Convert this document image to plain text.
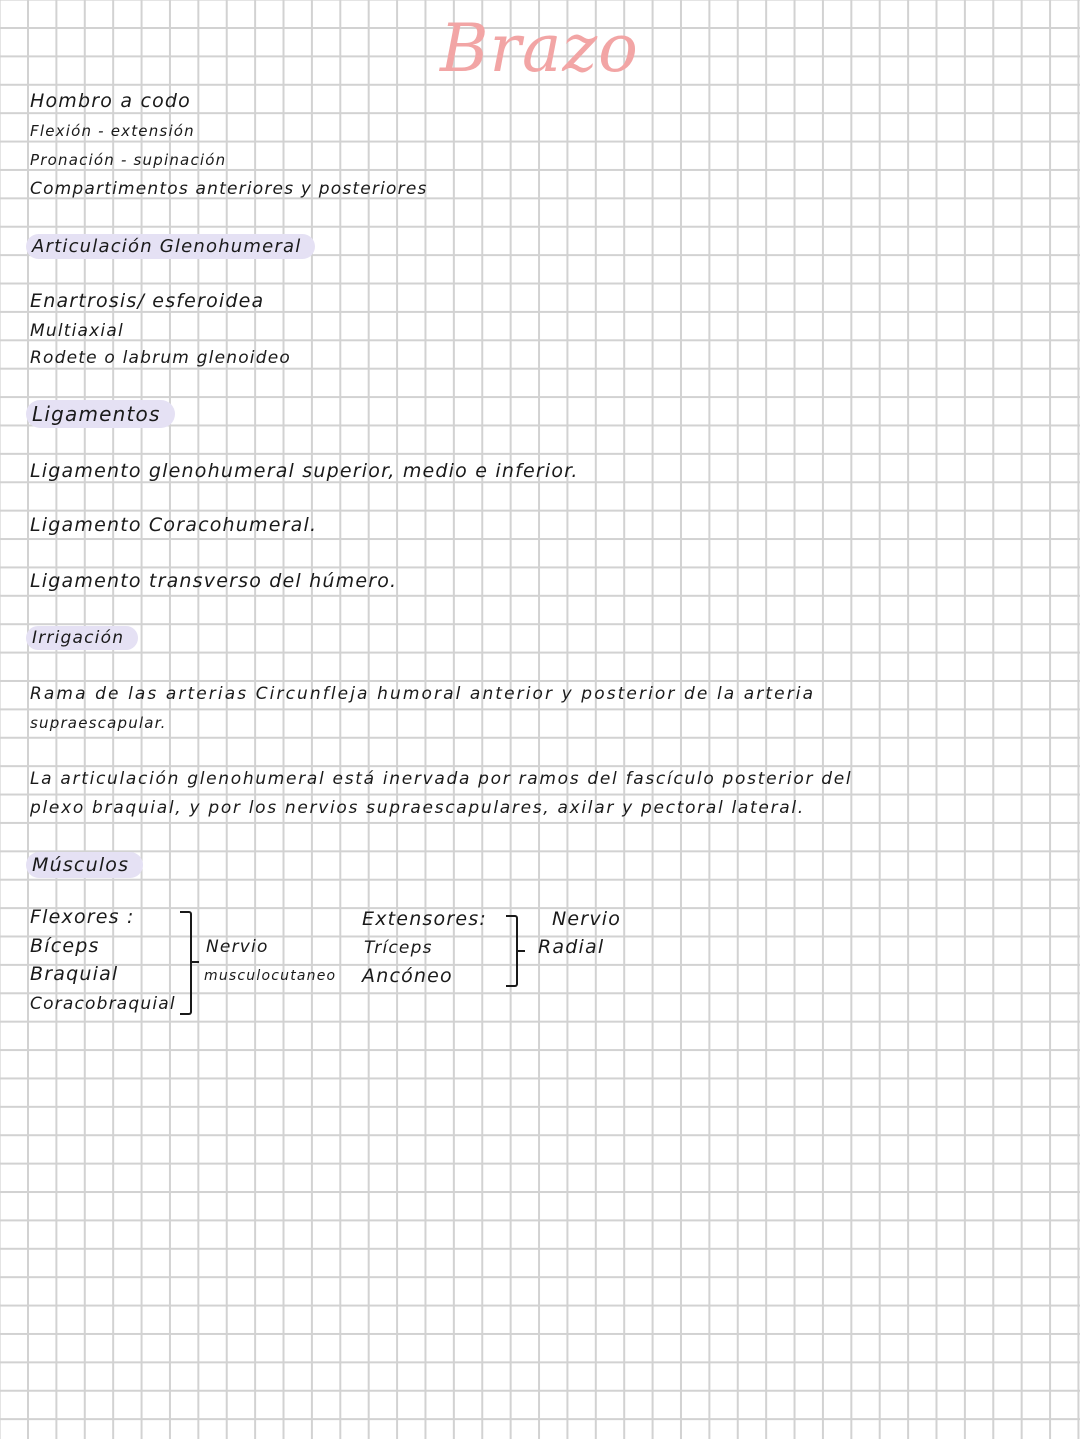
Brazo
Hombro a codo
Flexión - extensión
Pronación - supinación
Compartimentos anteriores y posteriores
Articulación Glenohumeral
Enartrosis/ esferoidea
Multiaxial
Rodete o labrum glenoideo
Ligamentos
Ligamento glenohumeral superior, medio e inferior.
Ligamento Coracohumeral.
Ligamento transverso del húmero.
Irrigación
Rama de las arterias Circunfleja humoral anterior y posterior de la arteria
supraescapular.
La articulación glenohumeral está inervada por ramos del fascículo posterior del
plexo braquial, y por los nervios supraescapulares, axilar y pectoral lateral.
Músculos
Flexores :
Bíceps
Braquial
Coracobraquial
Nervio
musculocutaneo
Extensores:
Tríceps
Ancóneo
Nervio
Radial
